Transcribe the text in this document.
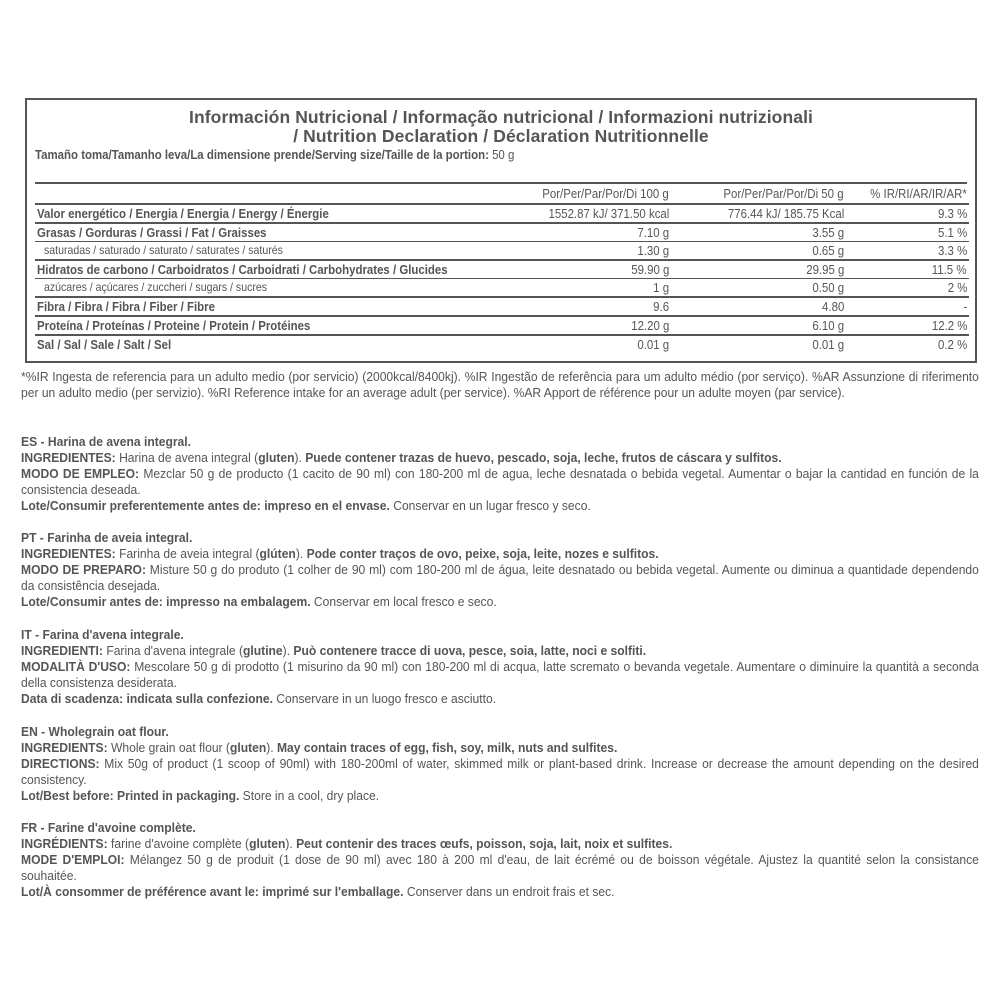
Información Nutricional / Informação nutricional / Informazioni nutrizionali
/ Nutrition Declaration / Déclaration Nutritionnelle
Tamaño toma/Tamanho leva/La dimensione prende/Serving size/Taille de la portion: 50 g
	Por/Per/Par/Por/Di 100 g	Por/Per/Par/Por/Di 50 g	% IR/RI/AR/IR/AR*
Valor energético / Energia / Energia / Energy / Énergie	1552.87 kJ/ 371.50 kcal	776.44 kJ/ 185.75 Kcal	9.3 %
Grasas / Gorduras / Grassi / Fat / Graisses	7.10 g	3.55 g	5.1 %
saturadas / saturado / saturato / saturates / saturés	1.30 g	0.65 g	3.3 %
Hidratos de carbono / Carboidratos / Carboidrati / Carbohydrates / Glucides	59.90 g	29.95 g	11.5 %
azúcares / açúcares / zuccheri / sugars / sucres	1 g	0.50 g	2 %
Fibra / Fibra / Fibra / Fiber / Fibre	9.6	4.80	-
Proteína / Proteínas / Proteine / Protein / Protéines	12.20 g	6.10 g	12.2 %
Sal / Sal / Sale / Salt / Sel	0.01 g	0.01 g	0.2 %
*%IR Ingesta de referencia para un adulto medio (por servicio) (2000kcal/8400kj). %IR Ingestão de referência para um adulto médio (por serviço). %AR Assunzione di riferimento per un adulto medio (per servizio). %RI Reference intake for an average adult (per service). %AR Apport de référence pour un adulte moyen (par service).

ES - Harina de avena integral.

INGREDIENTES: Harina de avena integral (gluten). Puede contener trazas de huevo, pescado, soja, leche, frutos de cáscara y sulfitos.

MODO DE EMPLEO: Mezclar 50 g de producto (1 cacito de 90 ml) con 180-200 ml de agua, leche desnatada o bebida vegetal. Aumentar o bajar la cantidad en función de la consistencia deseada.

Lote/Consumir preferentemente antes de: impreso en el envase. Conservar en un lugar fresco y seco.

PT - Farinha de aveia integral.

INGREDIENTES: Farinha de aveia integral (glúten). Pode conter traços de ovo, peixe, soja, leite, nozes e sulfitos.

MODO DE PREPARO: Misture 50 g do produto (1 colher de 90 ml) com 180-200 ml de água, leite desnatado ou bebida vegetal. Aumente ou diminua a quantidade dependendo da consistência desejada.

Lote/Consumir antes de: impresso na embalagem. Conservar em local fresco e seco.

IT - Farina d'avena integrale.

INGREDIENTI: Farina d'avena integrale (glutine). Può contenere tracce di uova, pesce, soia, latte, noci e solfiti.

MODALITÀ D'USO: Mescolare 50 g di prodotto (1 misurino da 90 ml) con 180-200 ml di acqua, latte scremato o bevanda vegetale. Aumentare o diminuire la quantità a seconda della consistenza desiderata.

Data di scadenza: indicata sulla confezione. Conservare in un luogo fresco e asciutto.

EN - Wholegrain oat flour.

INGREDIENTS: Whole grain oat flour (gluten). May contain traces of egg, fish, soy, milk, nuts and sulfites.

DIRECTIONS: Mix 50g of product (1 scoop of 90ml) with 180-200ml of water, skimmed milk or plant-based drink. Increase or decrease the amount depending on the desired consistency.

Lot/Best before: Printed in packaging. Store in a cool, dry place.

FR - Farine d'avoine complète.

INGRÉDIENTS: farine d'avoine complète (gluten). Peut contenir des traces œufs, poisson, soja, lait, noix et sulfites.

MODE D'EMPLOI: Mélangez 50 g de produit (1 dose de 90 ml) avec 180 à 200 ml d'eau, de lait écrémé ou de boisson végétale. Ajustez la quantité selon la consistance souhaitée.

Lot/À consommer de préférence avant le: imprimé sur l'emballage. Conserver dans un endroit frais et sec.
